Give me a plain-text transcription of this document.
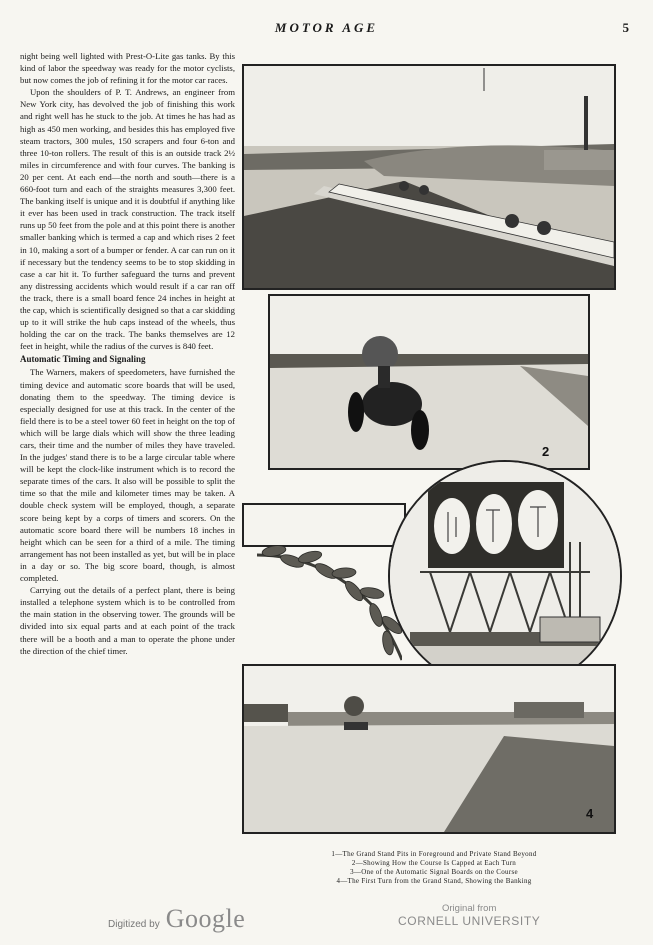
MOTOR AGE	5

night being well lighted with Prest-O-Lite gas tanks. By this kind of labor the speedway was ready for the motor cyclists, but now comes the job of refining it for the motor car races.

Upon the shoulders of P. T. Andrews, an engineer from New York city, has devolved the job of finishing this work and right well has he stuck to the job. At times he has had as high as 450 men working, and besides this has employed five steam tractors, 300 mules, 150 scrapers and four 6-ton and three 10-ton rollers. The result of this is an outside track 2½ miles in circumference and with four curves. The banking is 20 per cent. At each end—the north and south—there is a 660-foot turn and each of the straights measures 3,300 feet. The banking itself is unique and it is doubtful if anything like it ever has been used in track construction. The track itself runs up 50 feet from the pole and at this point there is another smaller banking which is termed a cap and which rises 2 feet in 10, making a sort of a bumper or fender. A car can run on it if necessary but the tendency seems to be to stop skidding in case a car hit it. To further safeguard the turns and prevent any distressing accidents which would result if a car ran off the track, there is a small board fence 24 inches in height at the cap, which is scientifically designed so that a car skidding up to it will strike the hub caps instead of the wheels, thus holding the car on the track. The banks themselves are 12 feet in height, while the radius of the curves is 840 feet.

Automatic Timing and Signaling

The Warners, makers of speedometers, have furnished the timing device and automatic score boards that will be used, donating them to the speedway. The timing device is especially designed for use at this track. In the center of the field there is to be a steel tower 60 feet in height on the top of which will be large dials which will show the three leading cars, their time and the number of miles they have traveled. In the judges' stand there is to be a large circular table where will be kept the clock-like instrument which is to record the separate times of the cars. It also will be possible to split the time so that the mile and kilometer times may be taken. A double check system will be employed, though, a separate score being kept by a corps of timers and scorers. On the automatic score board there will be numbers 18 inches in height which can be seen for a third of a mile. The timing arrangement has not been installed as yet, but will be in place in a day or so. The big score board, though, is almost completed.

Carrying out the details of a perfect plant, there is being installed a telephone system which is to be controlled from the main station in the observing tower. The grounds will be divided into six equal parts and at each point of the track there will be a booth and a man to operate the phone under the direction of the chief timer.

2
4
1—The Grand Stand Pits in Foreground and Private Stand Beyond
2—Showing How the Course Is Capped at Each Turn
3—One of the Automatic Signal Boards on the Course
4—The First Turn from the Grand Stand, Showing the Banking
Digitized by Google	Original from
CORNELL UNIVERSITY
